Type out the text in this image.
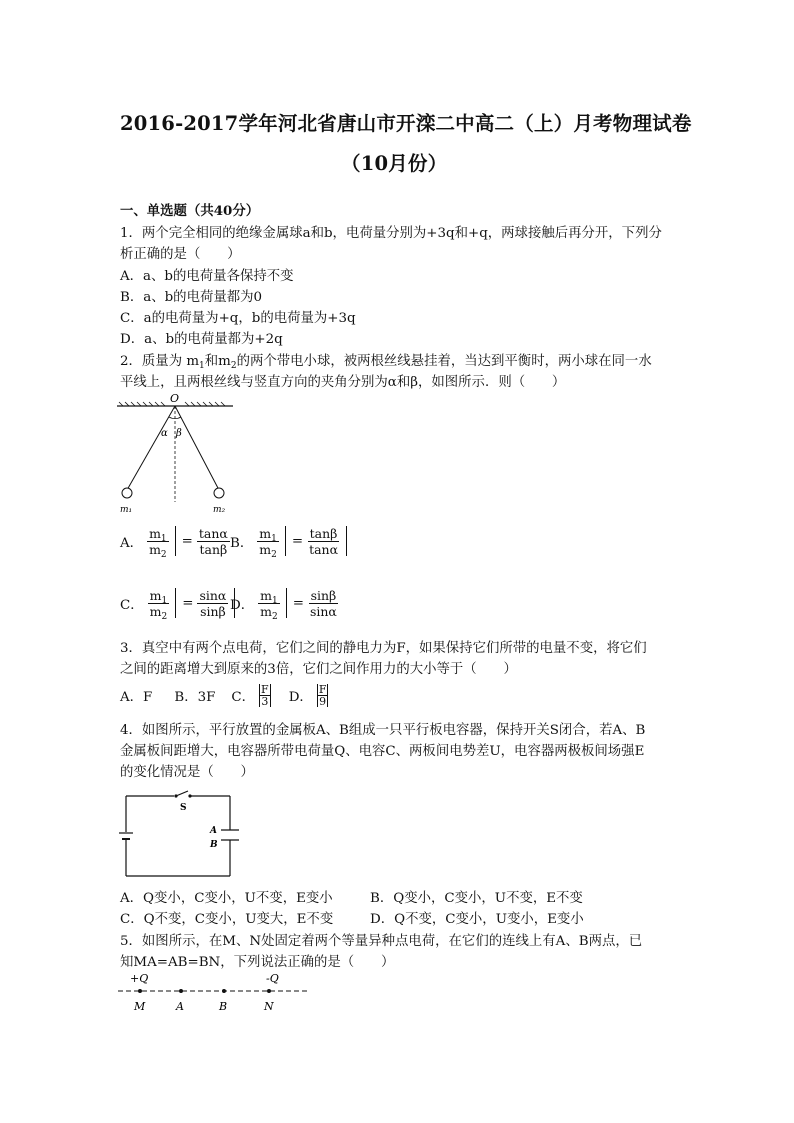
2016-2017学年河北省唐山市开滦二中高二（上）月考物理试卷
（10月份）
一、单选题（共40分）
1．两个完全相同的绝缘金属球a和b，电荷量分别为+3q和+q，两球接触后再分开，下列分
析正确的是（　　）
A．a、b的电荷量各保持不变
B．a、b的电荷量都为0
C．a的电荷量为+q，b的电荷量为+3q
D．a、b的电荷量都为+2q
2．质量为 $m_1$和$m_2$的两个带电小球，被两根丝线悬挂着，当达到平衡时，两小球在同一水
平线上，且两根丝线与竖直方向的夹角分别为α和β，如图所示．则（　　）
O
α β
m₁	m₂
A． $\frac{m_1}{m_2} = \frac{\tan\alpha}{\tan\beta}$ B． $\frac{m_1}{m_2} = \frac{\tan\beta}{\tan\alpha}$
C． $\frac{m_1}{m_2} = \frac{\sin\alpha}{\sin\beta}$ D． $\frac{m_1}{m_2} = \frac{\sin\beta}{\sin\alpha}$
3．真空中有两个点电荷，它们之间的静电力为F，如果保持它们所带的电量不变，将它们
之间的距离增大到原来的3倍，它们之间作用力的大小等于（　　）
A．F B．3F C． $\frac{F}{3}$ D． $\frac{F}{9}$
4．如图所示，平行放置的金属板A、B组成一只平行板电容器，保持开关S闭合，若A、B
金属板间距增大，电容器所带电荷量Q、电容C、两板间电势差U，电容器两极板间场强E
的变化情况是（　　）
S
A
B
A．Q变小，C变小，U不变，E变小	B．Q变小，C变小，U不变，E不变
C．Q不变，C变小，U变大，E不变	D．Q不变，C变小，U变小，E变小
5．如图所示，在M、N处固定着两个等量异种点电荷，在它们的连线上有A、B两点，已
知MA=AB=BN，下列说法正确的是（　　）
+Q	-Q
M	A	B	N
